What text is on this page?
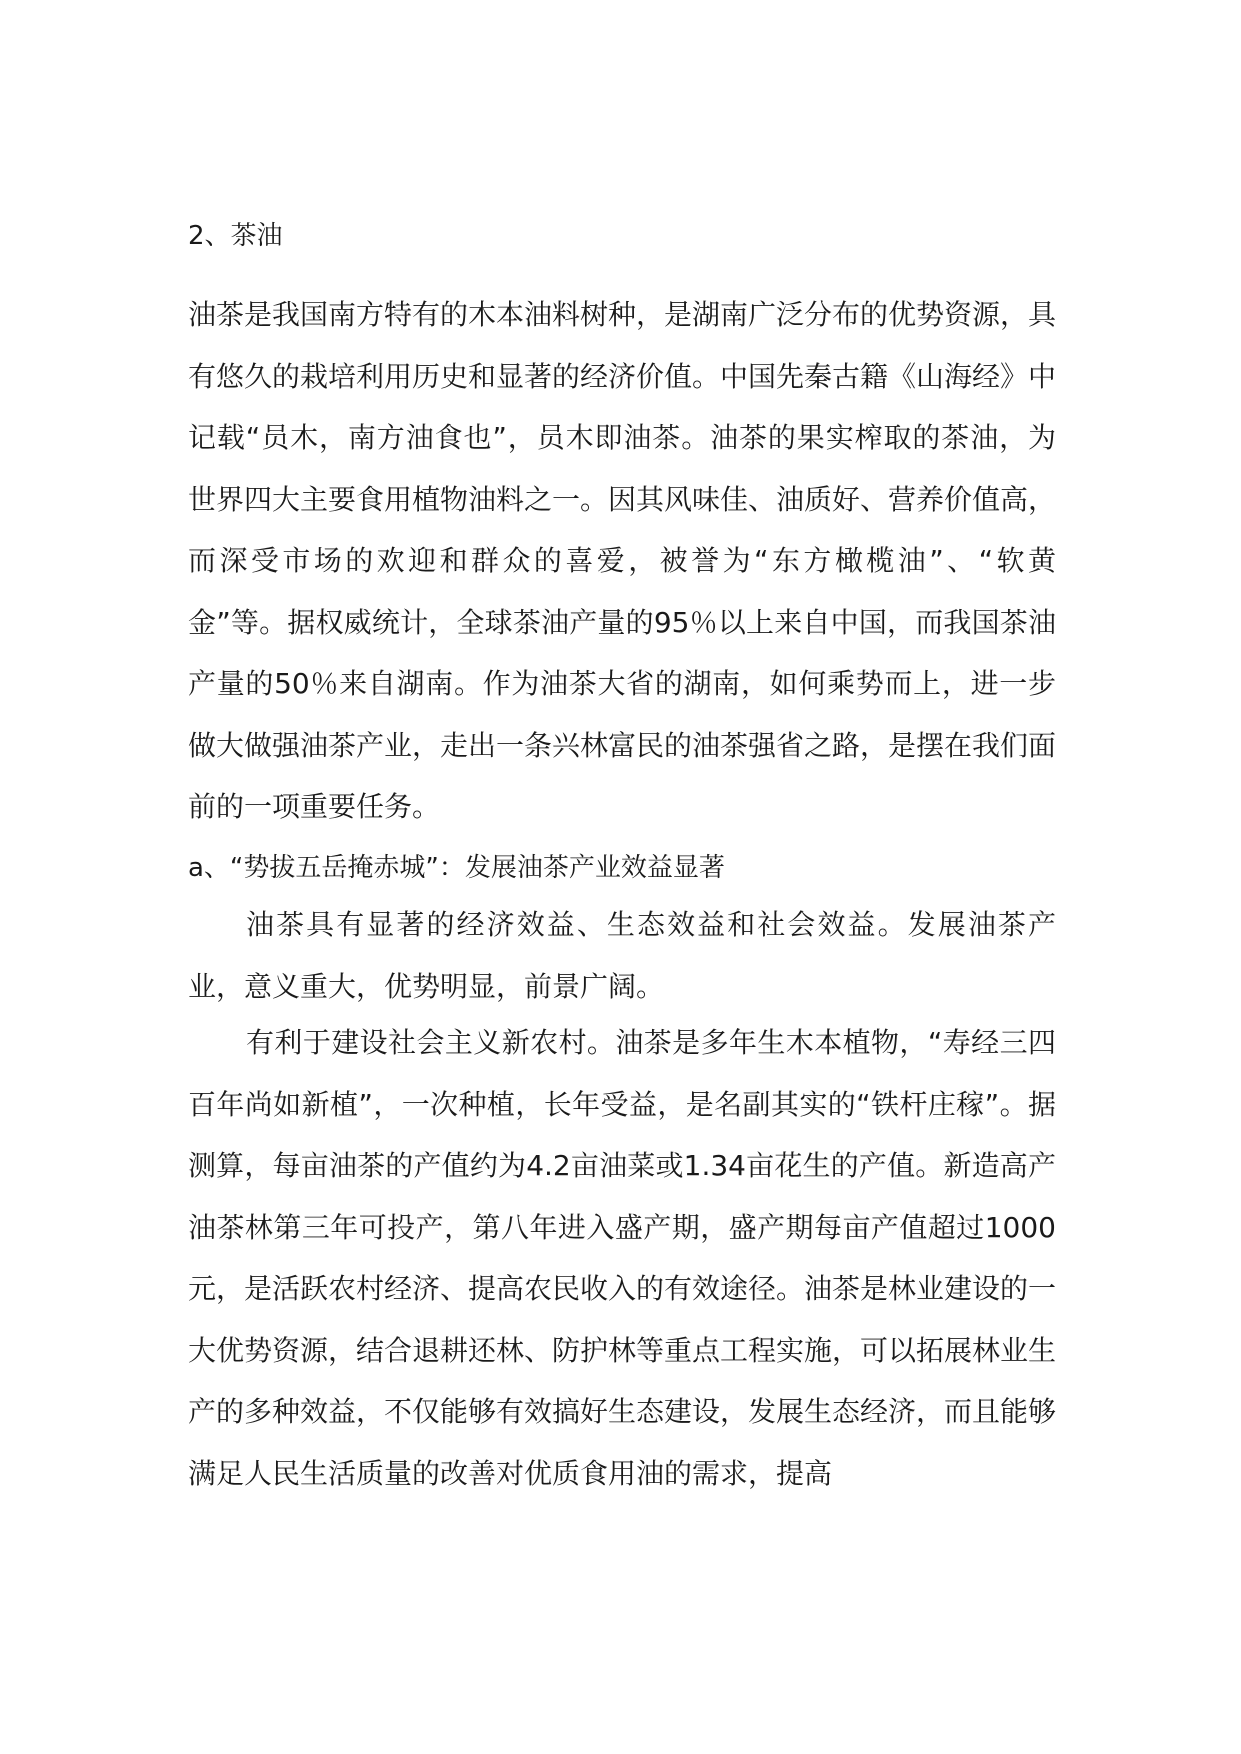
2、茶油

油茶是我国南方特有的木本油料树种，是湖南广泛分布的优势资源，具有悠久的栽培利用历史和显著的经济价值。中国先秦古籍《山海经》中记载“员木，南方油食也”，员木即油茶。油茶的果实榨取的茶油，为世界四大主要食用植物油料之一。因其风味佳、油质好、营养价值高，而深受市场的欢迎和群众的喜爱，被誉为“东方橄榄油”、“软黄金”等。据权威统计，全球茶油产量的95％以上来自中国，而我国茶油产量的50％来自湖南。作为油茶大省的湖南，如何乘势而上，进一步做大做强油茶产业，走出一条兴林富民的油茶强省之路，是摆在我们面前的一项重要任务。

a、“势拔五岳掩赤城”：发展油茶产业效益显著

油茶具有显著的经济效益、生态效益和社会效益。发展油茶产业，意义重大，优势明显，前景广阔。

有利于建设社会主义新农村。油茶是多年生木本植物，“寿经三四百年尚如新植”，一次种植，长年受益，是名副其实的“铁杆庄稼”。据测算，每亩油茶的产值约为4.2亩油菜或1.34亩花生的产值。新造高产油茶林第三年可投产，第八年进入盛产期，盛产期每亩产值超过1000元，是活跃农村经济、提高农民收入的有效途径。油茶是林业建设的一大优势资源，结合退耕还林、防护林等重点工程实施，可以拓展林业生产的多种效益，不仅能够有效搞好生态建设，发展生态经济，而且能够满足人民生活质量的改善对优质食用油的需求，提高
